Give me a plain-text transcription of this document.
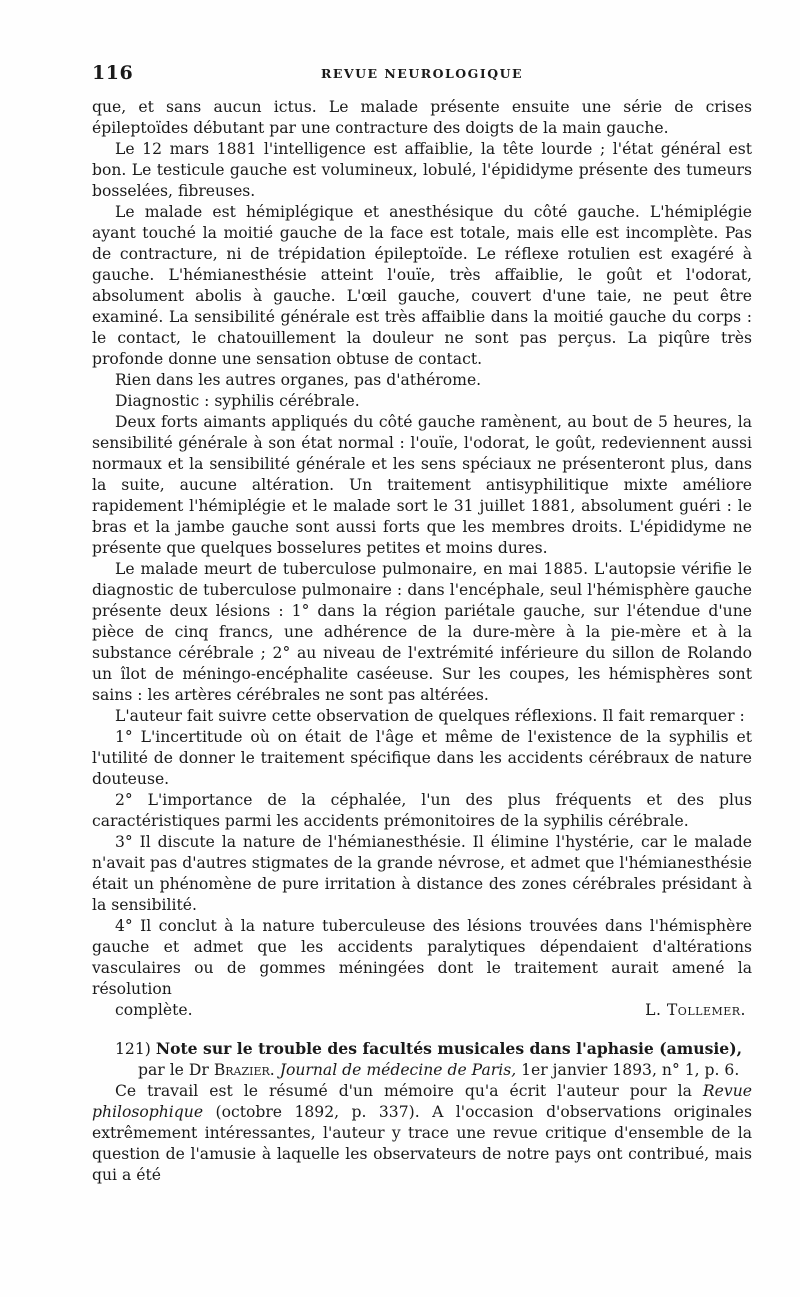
116	REVUE NEUROLOGIQUE

que, et sans aucun ictus. Le malade présente ensuite une série de crises épileptoïdes débutant par une contracture des doigts de la main gauche.

Le 12 mars 1881 l'intelligence est affaiblie, la tête lourde ; l'état général est bon. Le testicule gauche est volumineux, lobulé, l'épididyme présente des tumeurs bosselées, fibreuses.

Le malade est hémiplégique et anesthésique du côté gauche. L'hémiplégie ayant touché la moitié gauche de la face est totale, mais elle est incomplète. Pas de contracture, ni de trépidation épileptoïde. Le réflexe rotulien est exagéré à gauche. L'hémianesthésie atteint l'ouïe, très affaiblie, le goût et l'odorat, absolument abolis à gauche. L'œil gauche, couvert d'une taie, ne peut être examiné. La sensibilité générale est très affaiblie dans la moitié gauche du corps : le contact, le chatouillement la douleur ne sont pas perçus. La piqûre très profonde donne une sensation obtuse de contact.

Rien dans les autres organes, pas d'athérome.

Diagnostic : syphilis cérébrale.

Deux forts aimants appliqués du côté gauche ramènent, au bout de 5 heures, la sensibilité générale à son état normal : l'ouïe, l'odorat, le goût, redeviennent aussi normaux et la sensibilité générale et les sens spéciaux ne présenteront plus, dans la suite, aucune altération. Un traitement antisyphilitique mixte améliore rapidement l'hémiplégie et le malade sort le 31 juillet 1881, absolument guéri : le bras et la jambe gauche sont aussi forts que les membres droits. L'épididyme ne présente que quelques bosselures petites et moins dures.

Le malade meurt de tuberculose pulmonaire, en mai 1885. L'autopsie vérifie le diagnostic de tuberculose pulmonaire : dans l'encéphale, seul l'hémisphère gauche présente deux lésions : 1° dans la région pariétale gauche, sur l'étendue d'une pièce de cinq francs, une adhérence de la dure-mère à la pie-mère et à la substance cérébrale ; 2° au niveau de l'extrémité inférieure du sillon de Rolando un îlot de méningo-encéphalite caséeuse. Sur les coupes, les hémisphères sont sains : les artères cérébrales ne sont pas altérées.

L'auteur fait suivre cette observation de quelques réflexions. Il fait remarquer :

1° L'incertitude où on était de l'âge et même de l'existence de la syphilis et l'utilité de donner le traitement spécifique dans les accidents cérébraux de nature douteuse.

2° L'importance de la céphalée, l'un des plus fréquents et des plus caractéristiques parmi les accidents prémonitoires de la syphilis cérébrale.

3° Il discute la nature de l'hémianesthésie. Il élimine l'hystérie, car le malade n'avait pas d'autres stigmates de la grande névrose, et admet que l'hémianesthésie était un phénomène de pure irritation à distance des zones cérébrales présidant à la sensibilité.

4° Il conclut à la nature tuberculeuse des lésions trouvées dans l'hémisphère gauche et admet que les accidents paralytiques dépendaient d'altérations vasculaires ou de gommes méningées dont le traitement aurait amené la résolution

complète.	L. Tollemer.

121) Note sur le trouble des facultés musicales dans l'aphasie (amusie),

par le Dr Brazier. Journal de médecine de Paris, 1er janvier 1893, n° 1, p. 6.

Ce travail est le résumé d'un mémoire qu'a écrit l'auteur pour la Revue philosophique (octobre 1892, p. 337). A l'occasion d'observations originales extrêmement intéressantes, l'auteur y trace une revue critique d'ensemble de la question de l'amusie à laquelle les observateurs de notre pays ont contribué, mais qui a été
